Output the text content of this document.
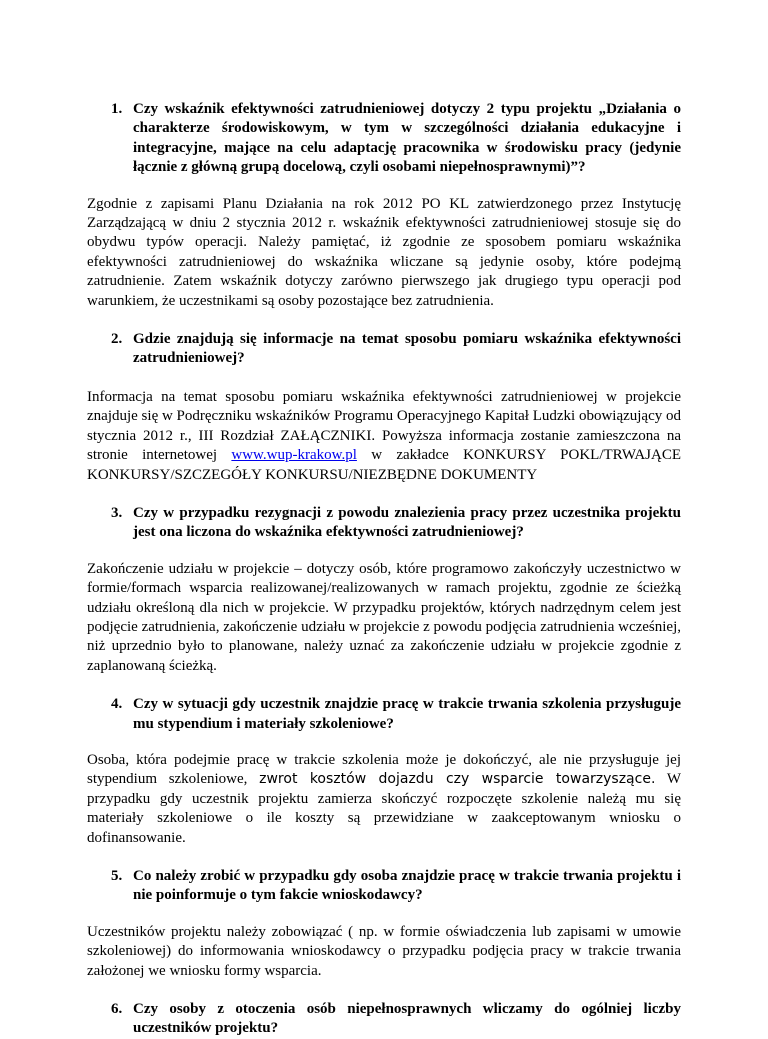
1. Czy wskaźnik efektywności zatrudnieniowej dotyczy 2 typu projektu „Działania o charakterze środowiskowym, w tym w szczególności działania edukacyjne i integracyjne, mające na celu adaptację pracownika w środowisku pracy (jedynie łącznie z główną grupą docelową, czyli osobami niepełnosprawnymi)”?
Zgodnie z zapisami Planu Działania na rok 2012 PO KL zatwierdzonego przez Instytucję Zarządzającą w dniu 2 stycznia 2012 r. wskaźnik efektywności zatrudnieniowej stosuje się do obydwu typów operacji. Należy pamiętać, iż zgodnie ze sposobem pomiaru wskaźnika efektywności zatrudnieniowej do wskaźnika wliczane są jedynie osoby, które podejmą zatrudnienie. Zatem wskaźnik dotyczy zarówno pierwszego jak drugiego typu operacji pod warunkiem, że uczestnikami są osoby pozostające bez zatrudnienia.
2. Gdzie znajdują się informacje na temat sposobu pomiaru wskaźnika efektywności zatrudnieniowej?
Informacja na temat sposobu pomiaru wskaźnika efektywności zatrudnieniowej w projekcie znajduje się w Podręczniku wskaźników Programu Operacyjnego Kapitał Ludzki obowiązujący od stycznia 2012 r., III Rozdział ZAŁĄCZNIKI. Powyższa informacja zostanie zamieszczona na stronie internetowej www.wup-krakow.pl w zakładce KONKURSY POKL/TRWAJĄCE KONKURSY/SZCZEGÓŁY KONKURSU/NIEZBĘDNE DOKUMENTY
3. Czy w przypadku rezygnacji z powodu znalezienia pracy przez uczestnika projektu jest ona liczona do wskaźnika efektywności zatrudnieniowej?
Zakończenie udziału w projekcie – dotyczy osób, które programowo zakończyły uczestnictwo w formie/formach wsparcia realizowanej/realizowanych w ramach projektu, zgodnie ze ścieżką udziału określoną dla nich w projekcie. W przypadku projektów, których nadrzędnym celem jest podjęcie zatrudnienia, zakończenie udziału w projekcie z powodu podjęcia zatrudnienia wcześniej, niż uprzednio było to planowane, należy uznać za zakończenie udziału w projekcie zgodnie z zaplanowaną ścieżką.
4. Czy w sytuacji gdy uczestnik znajdzie pracę w trakcie trwania szkolenia przysługuje mu stypendium i materiały szkoleniowe?
Osoba, która podejmie pracę w trakcie szkolenia może je dokończyć, ale nie przysługuje jej stypendium szkoleniowe, zwrot kosztów dojazdu czy wsparcie towarzyszące. W przypadku gdy uczestnik projektu zamierza skończyć rozpoczęte szkolenie należą mu się materiały szkoleniowe o ile koszty są przewidziane w zaakceptowanym wniosku o dofinansowanie.
5. Co należy zrobić w przypadku gdy osoba znajdzie pracę w trakcie trwania projektu i nie poinformuje o tym fakcie wnioskodawcy?
Uczestników projektu należy zobowiązać ( np. w formie oświadczenia lub zapisami w umowie szkoleniowej) do informowania wnioskodawcy o przypadku podjęcia pracy w trakcie trwania założonej we wniosku formy wsparcia.
6. Czy osoby z otoczenia osób niepełnosprawnych wliczamy do ogólniej liczby uczestników projektu?
